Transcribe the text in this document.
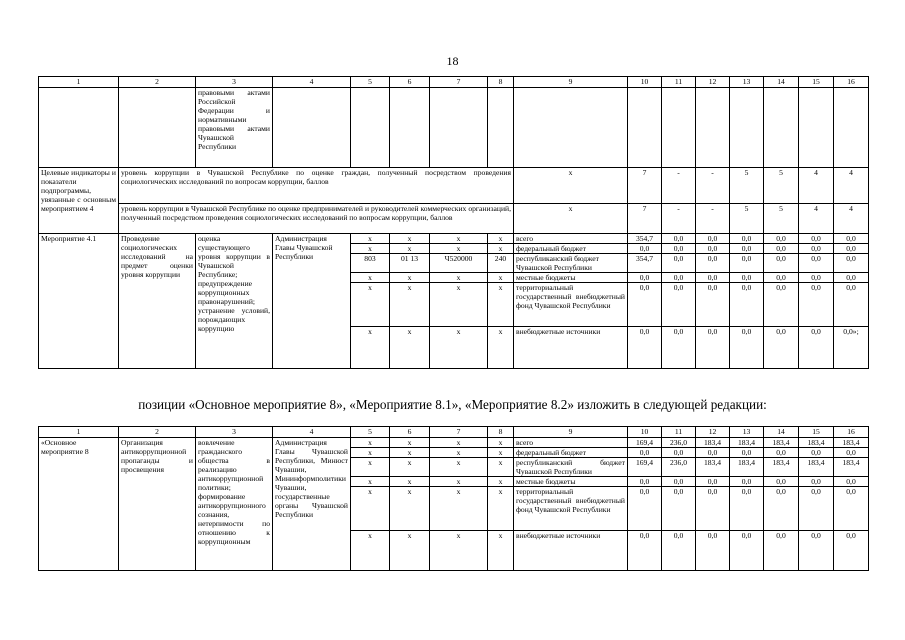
18
1	2	3	4	5	6	7	8	9	10	11	12	13	14	15	16
		правовыми актами Российской Федерации и нормативными правовыми актами Чувашской Республики													
Целевые индикаторы и показатели подпрограммы, увязанные с основным мероприятием 4	уровень коррупции в Чувашской Республике по оценке граждан, полученный посредством проведения социологических исследований по вопросам коррупции, баллов							х	7	-	-	5	5	4	4
	уровень коррупции в Чувашской Республике по оценке предпринимателей и руководителей коммерческих организаций, полученный посредством проведения социологических исследований по вопросам коррупции, баллов							х	7	-	-	5	5	4	4
Мероприятие 4.1	Проведение социологических исследований на предмет оценки уровня коррупции	оценка существующего уровня коррупции в Чувашской Республике; предупреждение коррупционных правонарушений; устранение условий, порождающих коррупцию	Администрация Главы Чувашской Республики	х	х	х	х	всего	354,7	0,0	0,0	0,0	0,0	0,0	0,0
				х	х	х	х	федеральный бюджет	0,0	0,0	0,0	0,0	0,0	0,0	0,0
				803	01 13	Ч520000	240	республиканский бюджет Чувашской Республики	354,7	0,0	0,0	0,0	0,0	0,0	0,0
				х	х	х	х	местные бюджеты	0,0	0,0	0,0	0,0	0,0	0,0	0,0
				х	х	х	х	территориальный государственный внебюджетный фонд Чувашской Республики	0,0	0,0	0,0	0,0	0,0	0,0	0,0
				х	х	х	х	внебюджетные источники	0,0	0,0	0,0	0,0	0,0	0,0	0,0»;
позиции «Основное мероприятие 8», «Мероприятие 8.1», «Мероприятие 8.2» изложить в следующей редакции:
1	2	3	4	5	6	7	8	9	10	11	12	13	14	15	16
«Основное мероприятие 8	Организация антикоррупционной пропаганды и просвещения	вовлечение гражданского общества в реализацию антикоррупционной политики; формирование антикоррупционного сознания, нетерпимости по отношению к коррупционным	Администрация Главы Чувашской Республики, Минюст Чувашии, Мининформполитики Чувашии, государственные органы Чувашской Республики	х	х	х	х	всего	169,4	236,0	183,4	183,4	183,4	183,4	183,4
				х	х	х	х	федеральный бюджет	0,0	0,0	0,0	0,0	0,0	0,0	0,0
				х	х	х	х	республиканский бюджет Чувашской Республики	169,4	236,0	183,4	183,4	183,4	183,4	183,4
				х	х	х	х	местные бюджеты	0,0	0,0	0,0	0,0	0,0	0,0	0,0
				х	х	х	х	территориальный государственный внебюджетный фонд Чувашской Республики	0,0	0,0	0,0	0,0	0,0	0,0	0,0
				х	х	х	х	внебюджетные источники	0,0	0,0	0,0	0,0	0,0	0,0	0,0
